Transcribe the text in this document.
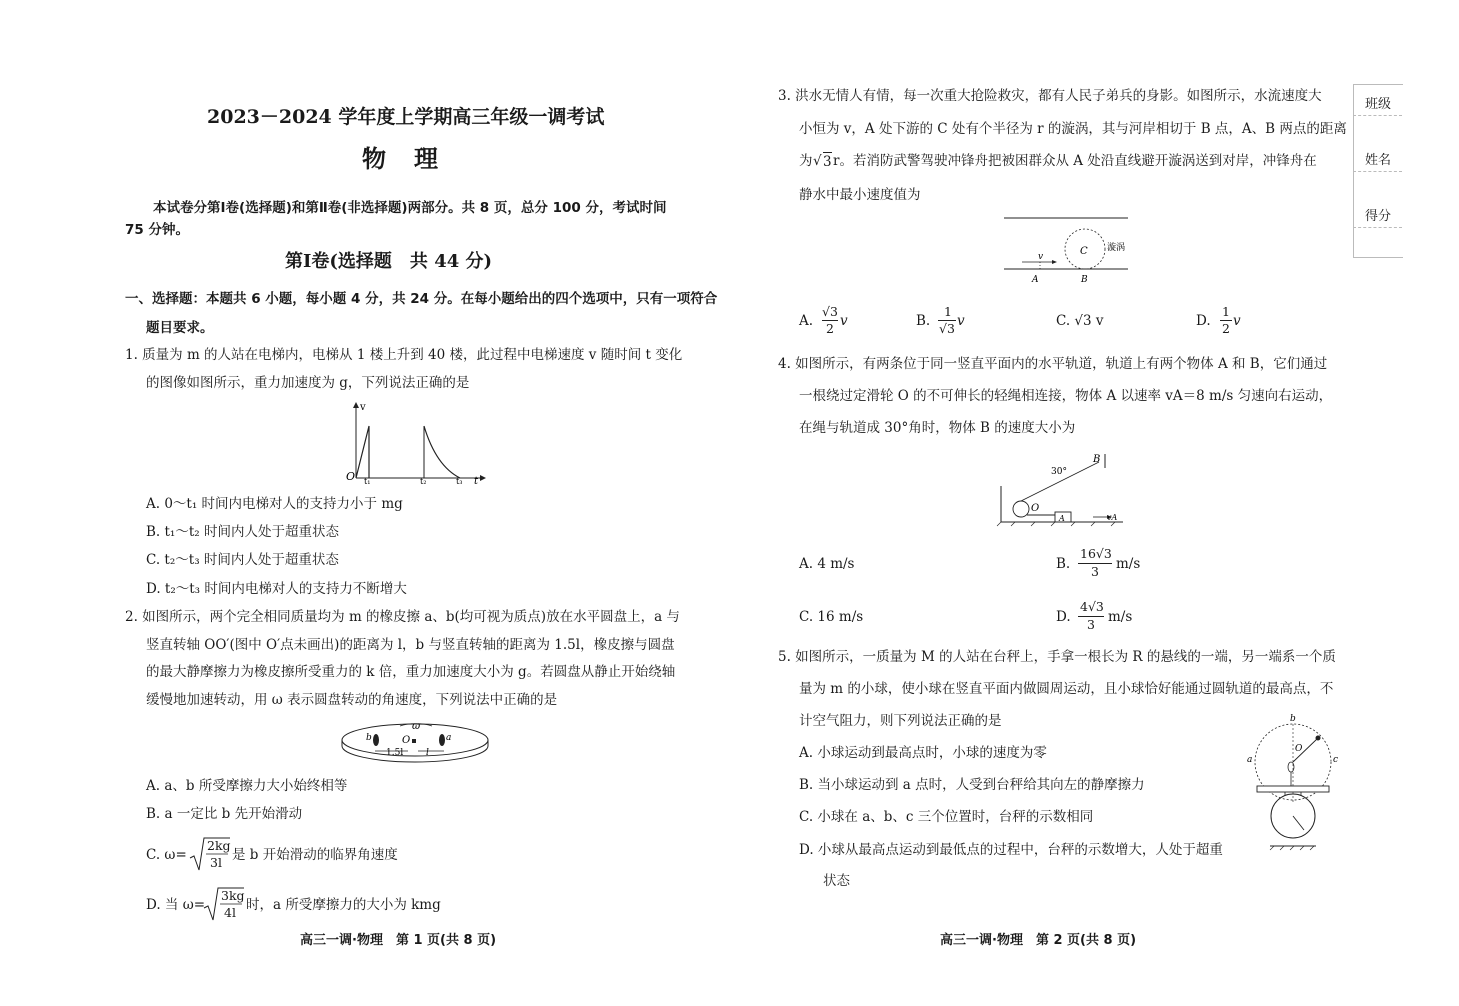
2023－2024 学年度上学期高三年级一调考试
物理
本试卷分第Ⅰ卷(选择题)和第Ⅱ卷(非选择题)两部分。共 8 页，总分 100 分，考试时间
75 分钟。
第Ⅰ卷(选择题　共 44 分)
一、选择题：本题共 6 小题，每小题 4 分，共 24 分。在每小题给出的四个选项中，只有一项符合
题目要求。
1. 质量为 m 的人站在电梯内，电梯从 1 楼上升到 40 楼，此过程中电梯速度 v 随时间 t 变化
的图像如图所示，重力加速度为 g，下列说法正确的是
v
O t₁	t₂	t₃ t
A. 0～t₁ 时间内电梯对人的支持力小于 mg
B. t₁～t₂ 时间内人处于超重状态
C. t₂～t₃ 时间内人处于超重状态
D. t₂～t₃ 时间内电梯对人的支持力不断增大
2. 如图所示，两个完全相同质量均为 m 的橡皮擦 a、b(均可视为质点)放在水平圆盘上，a 与
竖直转轴 OO′(图中 O′点未画出)的距离为 l，b 与竖直转轴的距离为 1.5l，橡皮擦与圆盘
的最大静摩擦力为橡皮擦所受重力的 k 倍，重力加速度大小为 g。若圆盘从静止开始绕轴
缓慢地加速转动，用 ω 表示圆盘转动的角速度，下列说法中正确的是
ω
b	O	a
1.5l	l
A. a、b 所受摩擦力大小始终相等
B. a 一定比 b 先开始滑动
C. ω=
2kg
3l 是 b 开始滑动的临界角速度
D. 当 ω=
3kg
4l 时，a 所受摩擦力的大小为 kmg
高三一调·物理　第 1 页(共 8 页)
3. 洪水无情人有情，每一次重大抢险救灾，都有人民子弟兵的身影。如图所示，水流速度大
小恒为 v，A 处下游的 C 处有个半径为 r 的漩涡，其与河岸相切于 B 点，A、B 两点的距离
为 √ 3 r。若消防武警驾驶冲锋舟把被困群众从 A 处沿直线避开漩涡送到对岸，冲锋舟在
静水中最小速度值为
C
v
A	B
漩涡
A.
√3
2 v	B.
1
√3 v	C. √3 v	D.
1
2 v
4. 如图所示，有两条位于同一竖直平面内的水平轨道，轨道上有两个物体 A 和 B，它们通过
一根绕过定滑轮 O 的不可伸长的轻绳相连接，物体 A 以速率 vA＝8 m/s 匀速向右运动，
在绳与轨道成 30°角时，物体 B 的速度大小为
30°
B
O
A	vA
A. 4 m/s	B.
16√3
3 m/s
C. 16 m/s	D.
4√3
3 m/s
5. 如图所示，一质量为 M 的人站在台秤上，手拿一根长为 R 的悬线的一端，另一端系一个质
量为 m 的小球，使小球在竖直平面内做圆周运动，且小球恰好能通过圆轨道的最高点，不
计空气阻力，则下列说法正确的是
A. 小球运动到最高点时，小球的速度为零
B. 当小球运动到 a 点时，人受到台秤给其向左的静摩擦力
C. 小球在 a、b、c 三个位置时，台秤的示数相同
D. 小球从最高点运动到最低点的过程中，台秤的示数增大，人处于超重
状态
b
O
a	c
高三一调·物理　第 2 页(共 8 页)
班级
姓名
得分
